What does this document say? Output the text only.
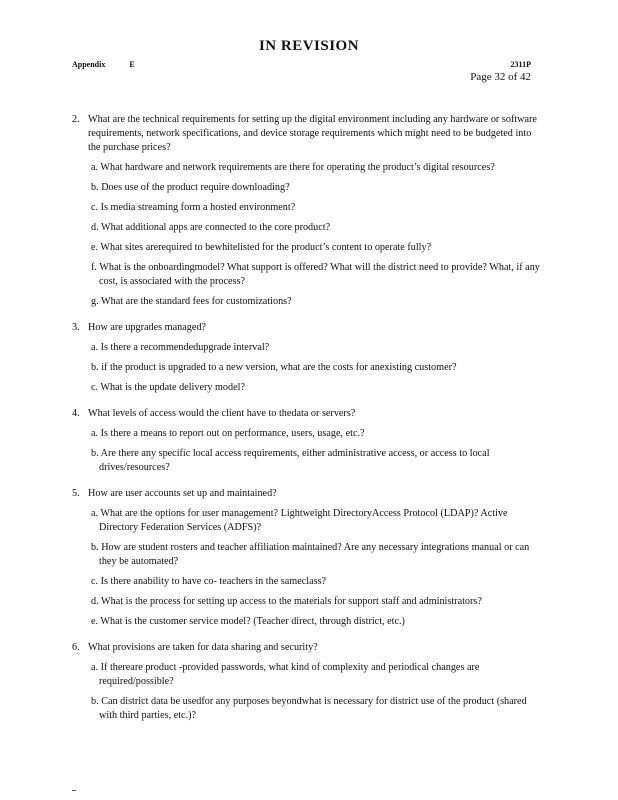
IN REVISION
Appendix	E	2311P
Page 32 of 42
2. What are the technical requirements for setting up the digital environment including any hardware or software requirements, network specifications, and device storage requirements which might need to be budgeted into the purchase prices?
a. What hardware and network requirements are there for operating the product’s digital resources?
b. Does use of the product require downloading?
c. Is media streaming form a hosted environment?
d. What additional apps are connected to the core product?
e. What sites arerequired to bewhitelisted for the product’s content to operate fully?
f. What is the onboardingmodel? What support is offered? What will the district need to provide? What, if any cost, is associated with the process?
g. What are the standard fees for customizations?
3. How are upgrades managed?
a. Is there a recommendedupgrade interval?
b. if the product is upgraded to a new version, what are the costs for anexisting customer?
c. What is the update delivery model?
4. What levels of access would the client have to thedata or servers?
a. Is there a means to report out on performance, users, usage, etc.?
b. Are there any specific local access requirements, either administrative access, or access to local drives/resources?
5. How are user accounts set up and maintained?
a. What are the options for user management? Lightweight DirectoryAccess Protocol (LDAP)? Active Directory Federation Services (ADFS)?
b. How are student rosters and teacher affiliation maintained? Are any necessary integrations manual or can they be automated?
c. Is there anability to have co- teachers in the sameclass?
d. What is the process for setting up access to the materials for support staff and administrators?
e. What is the customer service model? (Teacher direct, through district, etc.)
6. What provisions are taken for data sharing and security?
a. If thereare product -provided passwords, what kind of complexity and periodical changes are required/possible?
b. Can district data be usedfor any purposes beyondwhat is necessary for district use of the product (shared with third parties, etc.)?
